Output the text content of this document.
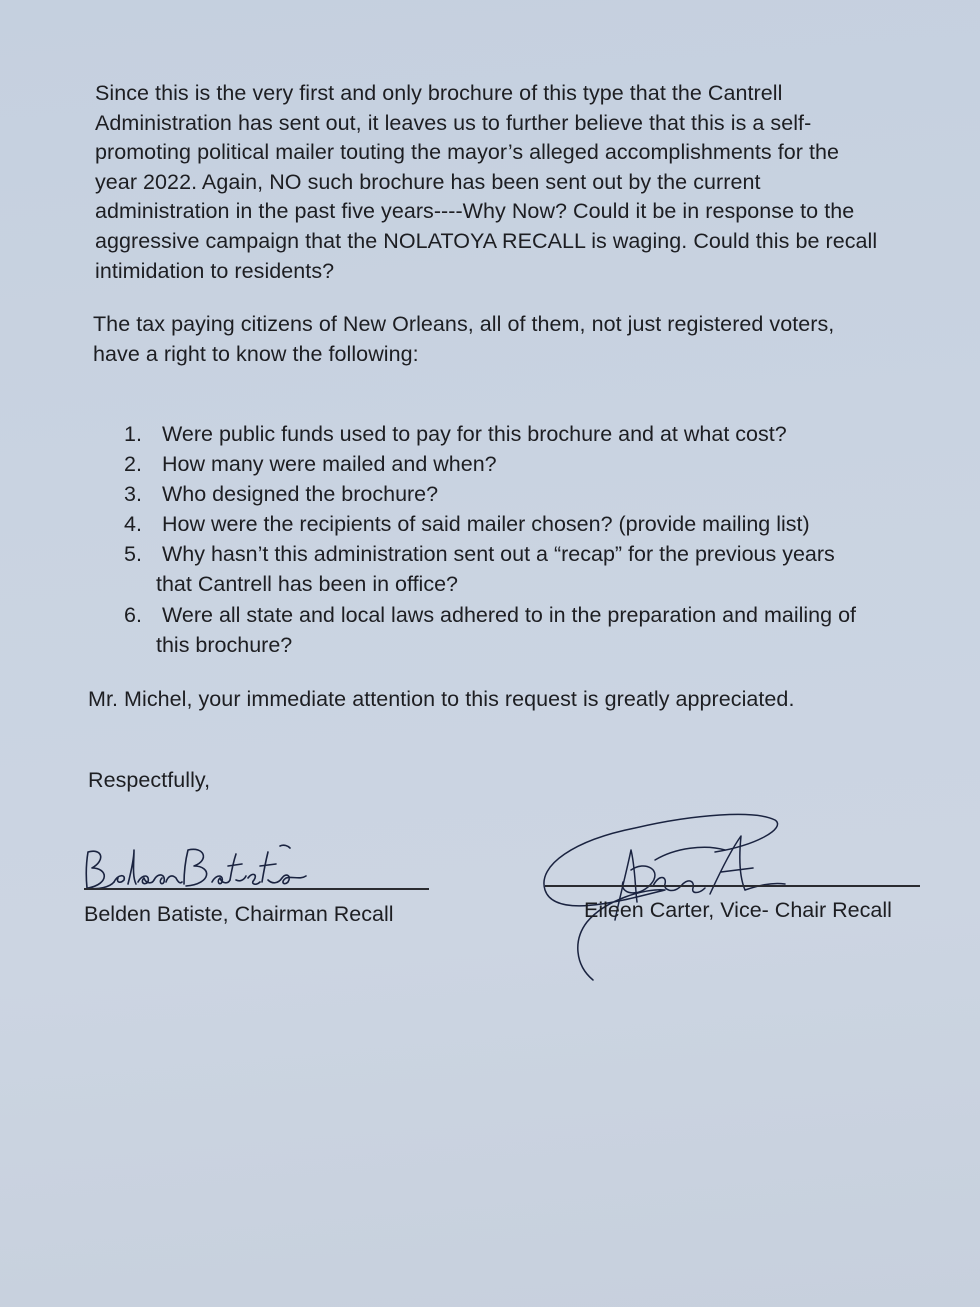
Since this is the very first and only brochure of this type that the Cantrell
Administration has sent out, it leaves us to further believe that this is a self-
promoting political mailer touting the mayor’s alleged accomplishments for the
year 2022. Again, NO such brochure has been sent out by the current
administration in the past five years----Why Now? Could it be in response to the
aggressive campaign that the NOLATOYA RECALL is waging. Could this be recall
intimidation to residents?
The tax paying citizens of New Orleans, all of them, not just registered voters,
have a right to know the following:
1. Were public funds used to pay for this brochure and at what cost?
2. How many were mailed and when?
3. Who designed the brochure?
4. How were the recipients of said mailer chosen? (provide mailing list)
5. Why hasn’t this administration sent out a “recap” for the previous years
that Cantrell has been in office?
6. Were all state and local laws adhered to in the preparation and mailing of
this brochure?
Mr. Michel, your immediate attention to this request is greatly appreciated.
Respectfully,
Belden Batiste, Chairman Recall	Eileen Carter, Vice- Chair Recall
